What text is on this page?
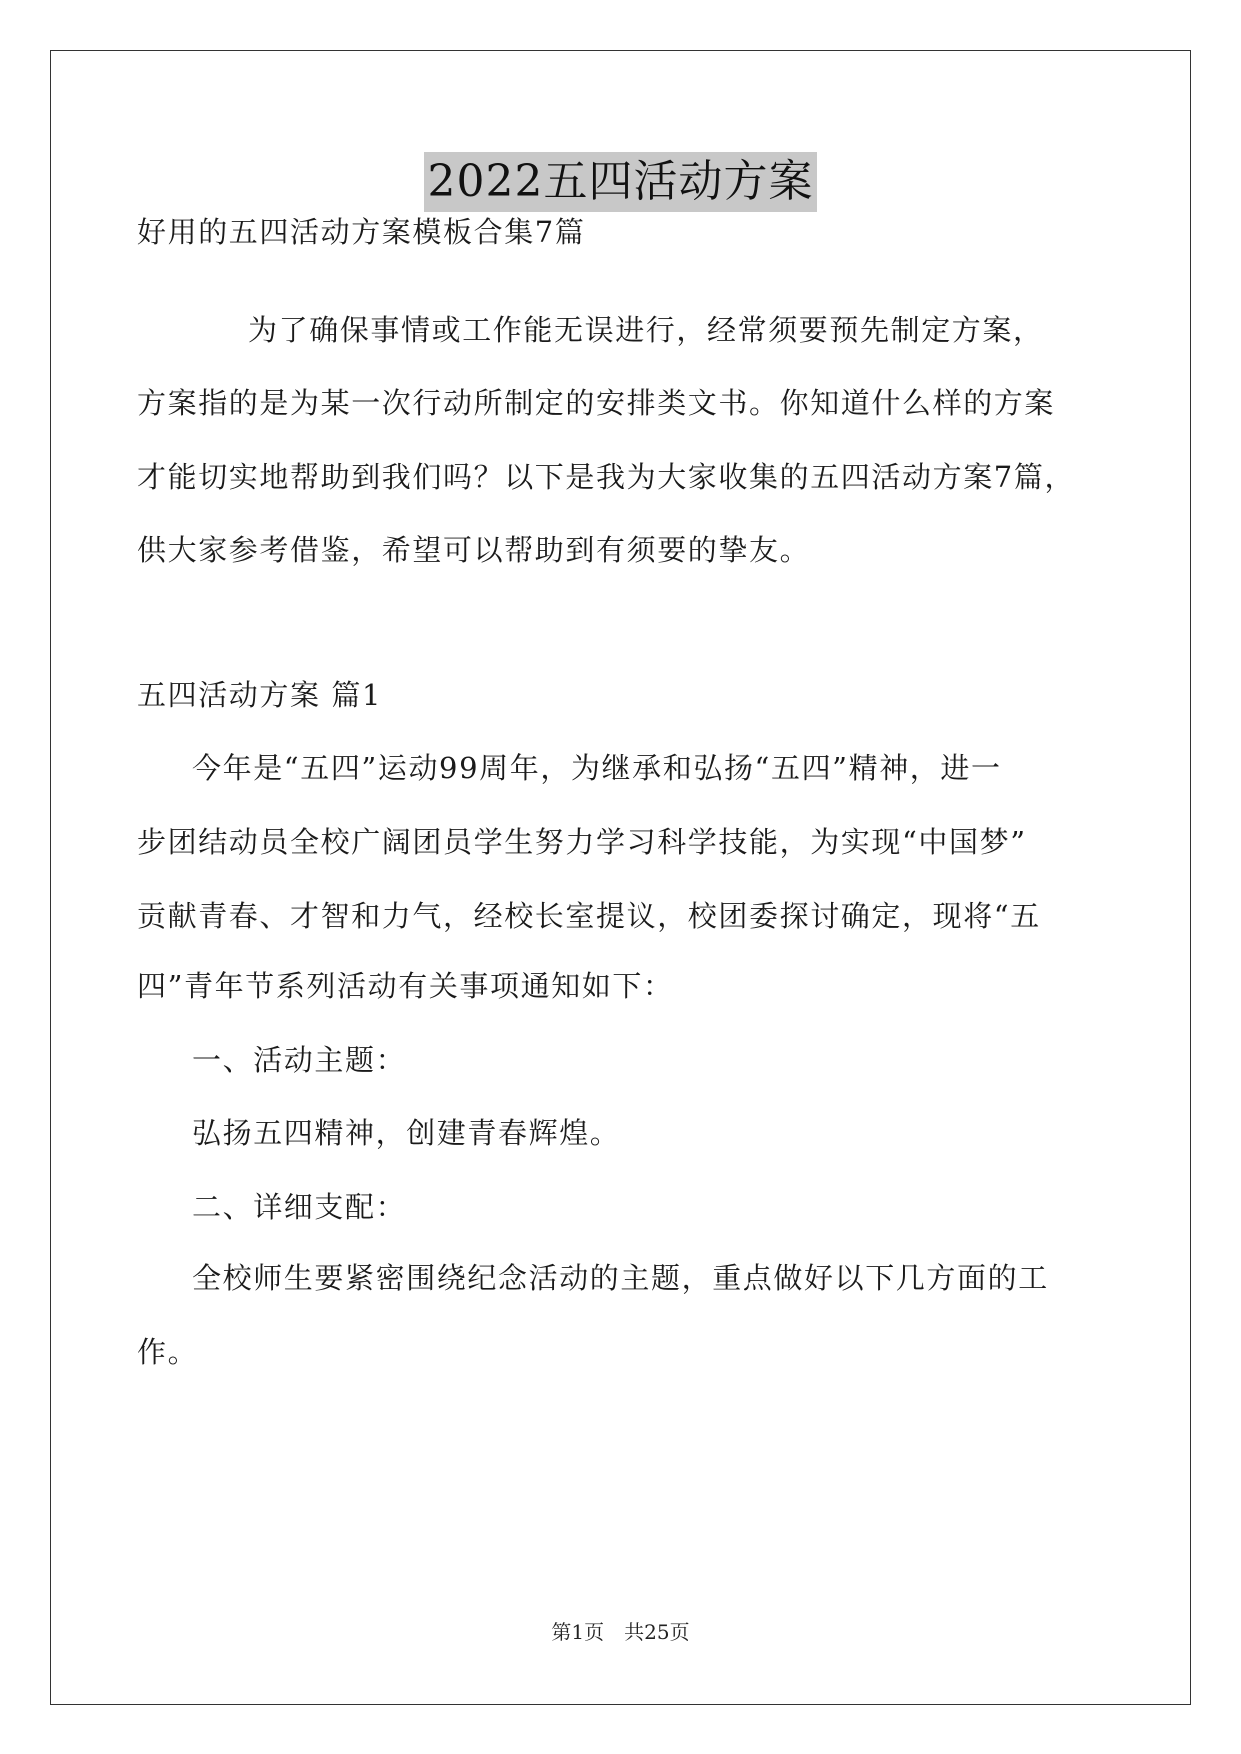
2022五四活动方案
好用的五四活动方案模板合集7篇
为了确保事情或工作能无误进行，经常须要预先制定方案，
方案指的是为某一次行动所制定的安排类文书。你知道什么样的方案
才能切实地帮助到我们吗？以下是我为大家收集的五四活动方案7篇，
供大家参考借鉴，希望可以帮助到有须要的挚友。
五四活动方案 篇1
今年是“五四”运动99周年，为继承和弘扬“五四”精神，进一
步团结动员全校广阔团员学生努力学习科学技能，为实现“中国梦”
贡献青春、才智和力气，经校长室提议，校团委探讨确定，现将“五
四”青年节系列活动有关事项通知如下：
一、活动主题：
弘扬五四精神，创建青春辉煌。
二、详细支配：
全校师生要紧密围绕纪念活动的主题，重点做好以下几方面的工
作。
第1页　共25页
